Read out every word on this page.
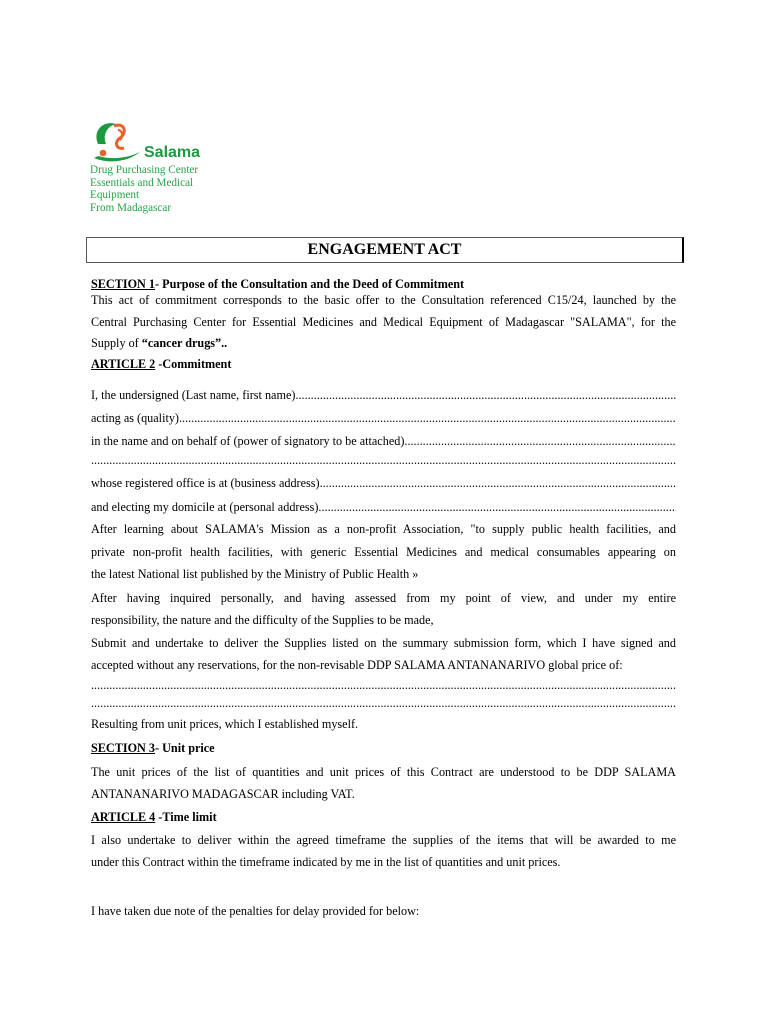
Salama
Drug Purchasing Center
Essentials and Medical Equipment
From Madagascar
ENGAGEMENT ACT
SECTION 1- Purpose of the Consultation and the Deed of Commitment
This act of commitment corresponds to the basic offer to the Consultation referenced C15/24, launched by the
Central Purchasing Center for Essential Medicines and Medical Equipment of Madagascar "SALAMA", for the
Supply of “cancer drugs”..
ARTICLE 2 -Commitment
I, the undersigned (Last name, first name)
.....
acting as (quality)
.....
in the name and on behalf of (power of signatory to be attached)
.....
.....
whose registered office is at (business address)
.....
and electing my domicile at (personal address)
.....
After learning about SALAMA's Mission as a non-profit Association, "to supply public health facilities, and
private non-profit health facilities, with generic Essential Medicines and medical consumables appearing on
the latest National list published by the Ministry of Public Health »
After having inquired personally, and having assessed from my point of view, and under my entire
responsibility, the nature and the difficulty of the Supplies to be made,
Submit and undertake to deliver the Supplies listed on the summary submission form, which I have signed and
accepted without any reservations, for the non-revisable DDP SALAMA ANTANANARIVO global price of:
.....
.....
Resulting from unit prices, which I established myself.
SECTION 3- Unit price
The unit prices of the list of quantities and unit prices of this Contract are understood to be DDP SALAMA
ANTANANARIVO MADAGASCAR including VAT.
ARTICLE 4 -Time limit
I also undertake to deliver within the agreed timeframe the supplies of the items that will be awarded to me
under this Contract within the timeframe indicated by me in the list of quantities and unit prices.
I have taken due note of the penalties for delay provided for below:
